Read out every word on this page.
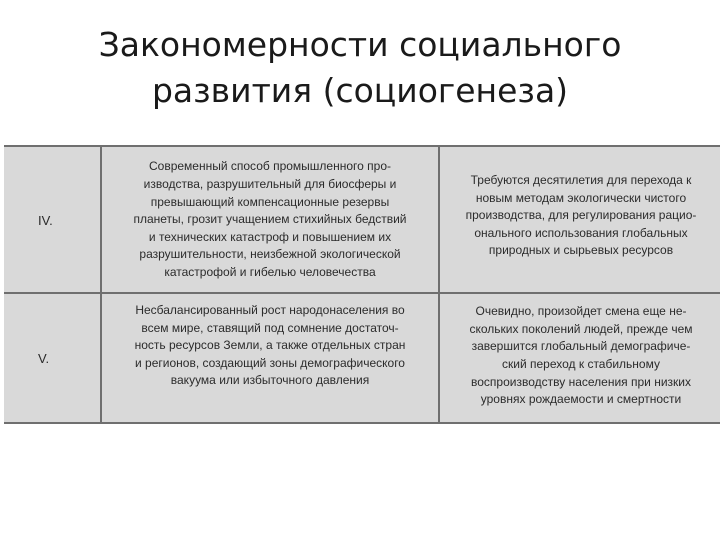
Закономерности социального
развития (социогенеза)
IV.
Современный способ промышленного про-
изводства, разрушительный для биосферы и
превышающий компенсационные резервы
планеты, грозит учащением стихийных бедствий
и технических катастроф и повышением их
разрушительности, неизбежной экологической
катастрофой и гибелью человечества
Требуются десятилетия для перехода к
новым методам экологически чистого
производства, для регулирования рацио-
онального использования глобальных
природных и сырьевых ресурсов
V.
Несбалансированный рост народонаселения во
всем мире, ставящий под сомнение достаточ-
ность ресурсов Земли, а также отдельных стран
и регионов, создающий зоны демографического
вакуума или избыточного давления
Очевидно, произойдет смена еще не-
скольких поколений людей, прежде чем
завершится глобальный демографиче-
ский переход к стабильному
воспроизводству населения при низких
уровнях рождаемости и смертности
